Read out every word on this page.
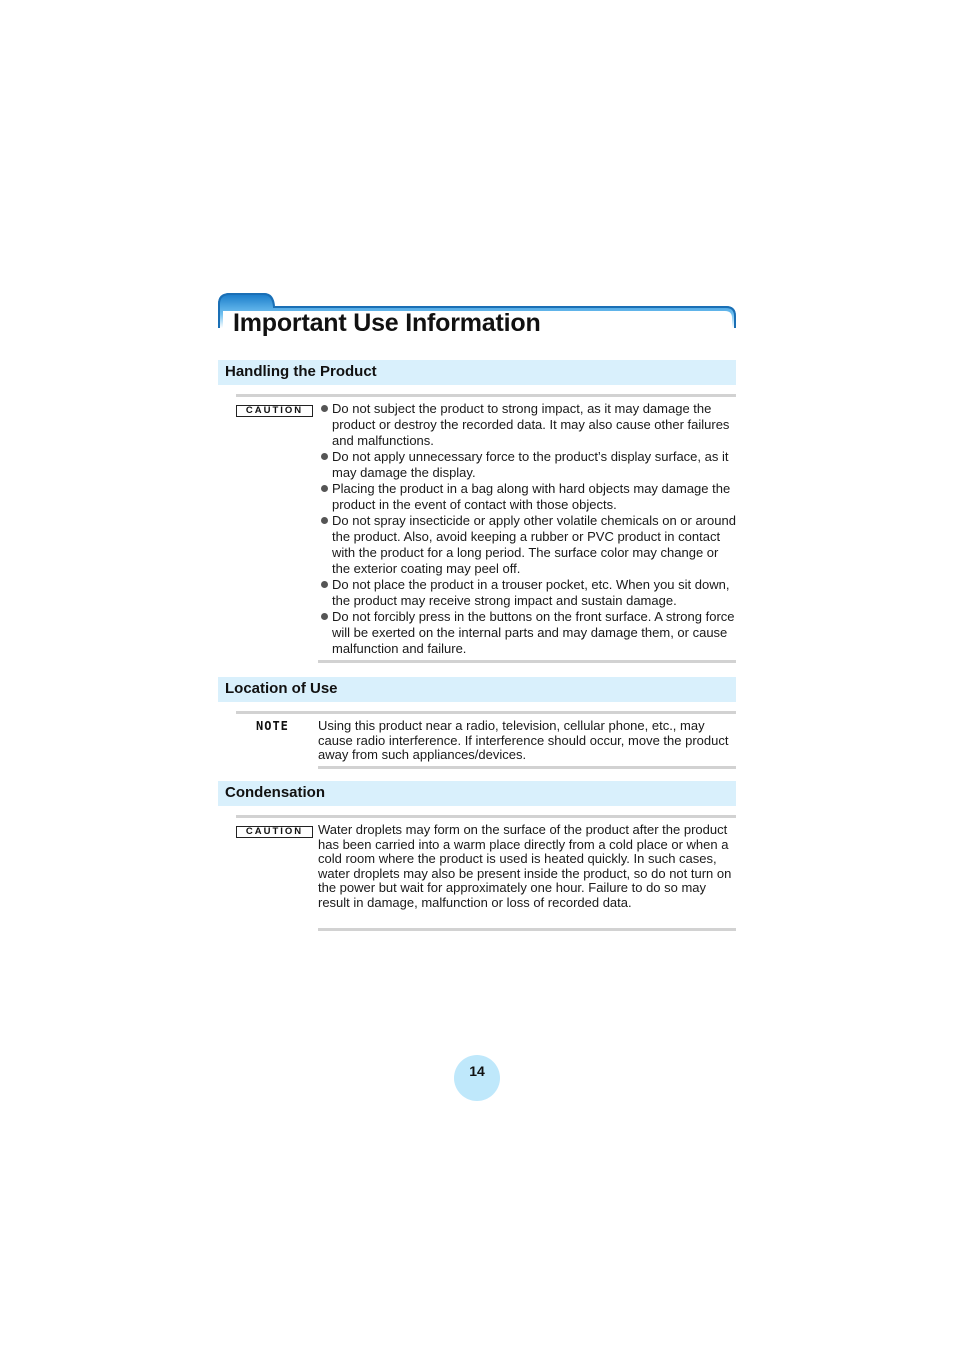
Important Use Information
Handling the Product
CAUTION	Do not subject the product to strong impact, as it may damage the product or destroy the recorded data. It may also cause other failures and malfunctions.
Do not apply unnecessary force to the product’s display surface, as it may damage the display.
Placing the product in a bag along with hard objects may damage the product in the event of contact with those objects.
Do not spray insecticide or apply other volatile chemicals on or around the product. Also, avoid keeping a rubber or PVC product in contact with the product for a long period. The surface color may change or the exterior coating may peel off.
Do not place the product in a trouser pocket, etc. When you sit down, the product may receive strong impact and sustain damage.
Do not forcibly press in the buttons on the front surface. A strong force will be exerted on the internal parts and may damage them, or cause malfunction and failure.
Location of Use
NOTE Using this product near a radio, television, cellular phone, etc., may cause radio interference. If interference should occur, move the product away from such appliances/devices.

Condensation
CAUTION	Water droplets may form on the surface of the product after the product has been carried into a warm place directly from a cold place or when a cold room where the product is used is heated quickly. In such cases, water droplets may also be present inside the product, so do not turn on the power but wait for approximately one hour. Failure to do so may result in damage, malfunction or loss of recorded data.

14
